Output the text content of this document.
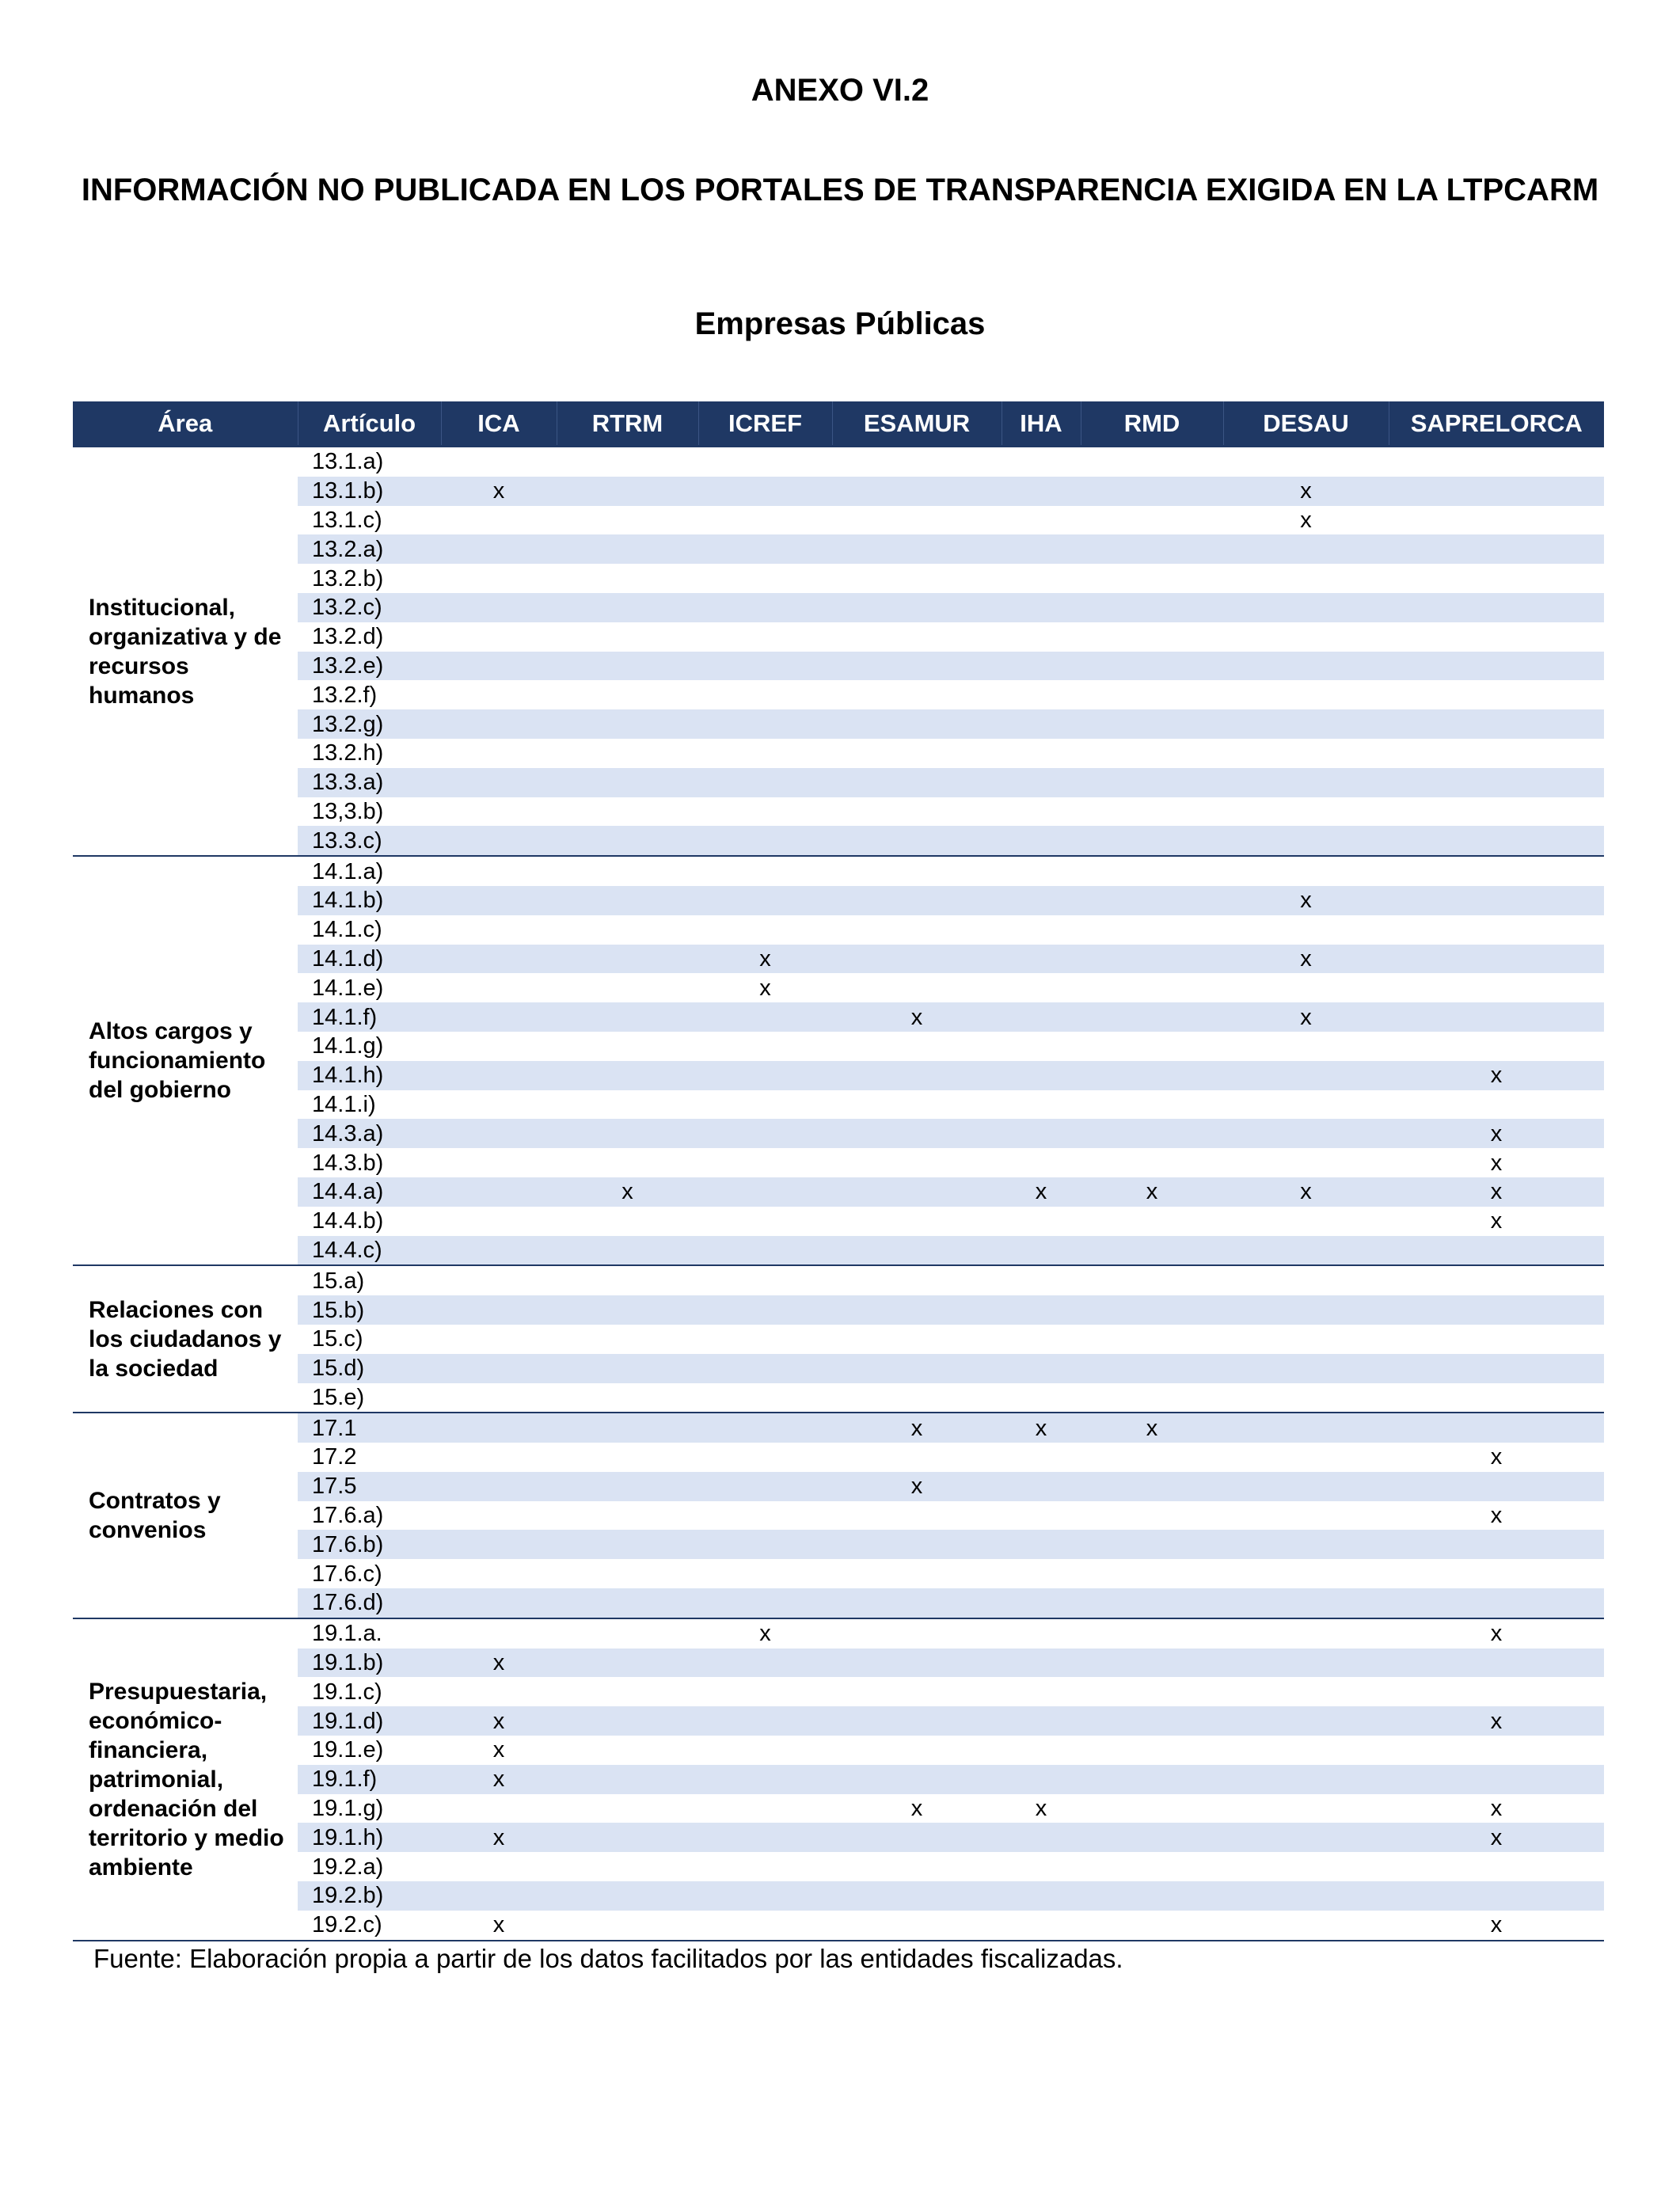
ANEXO VI.2
INFORMACIÓN NO PUBLICADA EN LOS PORTALES DE TRANSPARENCIA EXIGIDA EN LA LTPCARM
Empresas Públicas
Área	Artículo	ICA	RTRM	ICREF	ESAMUR	IHA	RMD	DESAU	SAPRELORCA
Institucional, organizativa y de recursos humanos	13.1.a)								
	13.1.b)	x						x	
	13.1.c)							x	
	13.2.a)								
	13.2.b)								
	13.2.c)								
	13.2.d)								
	13.2.e)								
	13.2.f)								
	13.2.g)								
	13.2.h)								
	13.3.a)								
	13,3.b)								
	13.3.c)								
Altos cargos y funcionamiento del gobierno	14.1.a)								
	14.1.b)							x	
	14.1.c)								
	14.1.d)			x				x	
	14.1.e)			x					
	14.1.f)				x			x	
	14.1.g)								
	14.1.h)								x
	14.1.i)								
	14.3.a)								x
	14.3.b)								x
	14.4.a)		x			x	x	x	x
	14.4.b)								x
	14.4.c)								
Relaciones con los ciudadanos y la sociedad	15.a)								
	15.b)								
	15.c)								
	15.d)								
	15.e)								
Contratos y convenios	17.1				x	x	x		
	17.2								x
	17.5				x				
	17.6.a)								x
	17.6.b)								
	17.6.c)								
	17.6.d)								
Presupuestaria, económico-financiera, patrimonial, ordenación del territorio y medio ambiente	19.1.a.			x					x
	19.1.b)	x							
	19.1.c)								
	19.1.d)	x							x
	19.1.e)	x							
	19.1.f)	x							
	19.1.g)				x	x			x
	19.1.h)	x							x
	19.2.a)								
	19.2.b)								
	19.2.c)	x							x
Fuente: Elaboración propia a partir de los datos facilitados por las entidades fiscalizadas.
